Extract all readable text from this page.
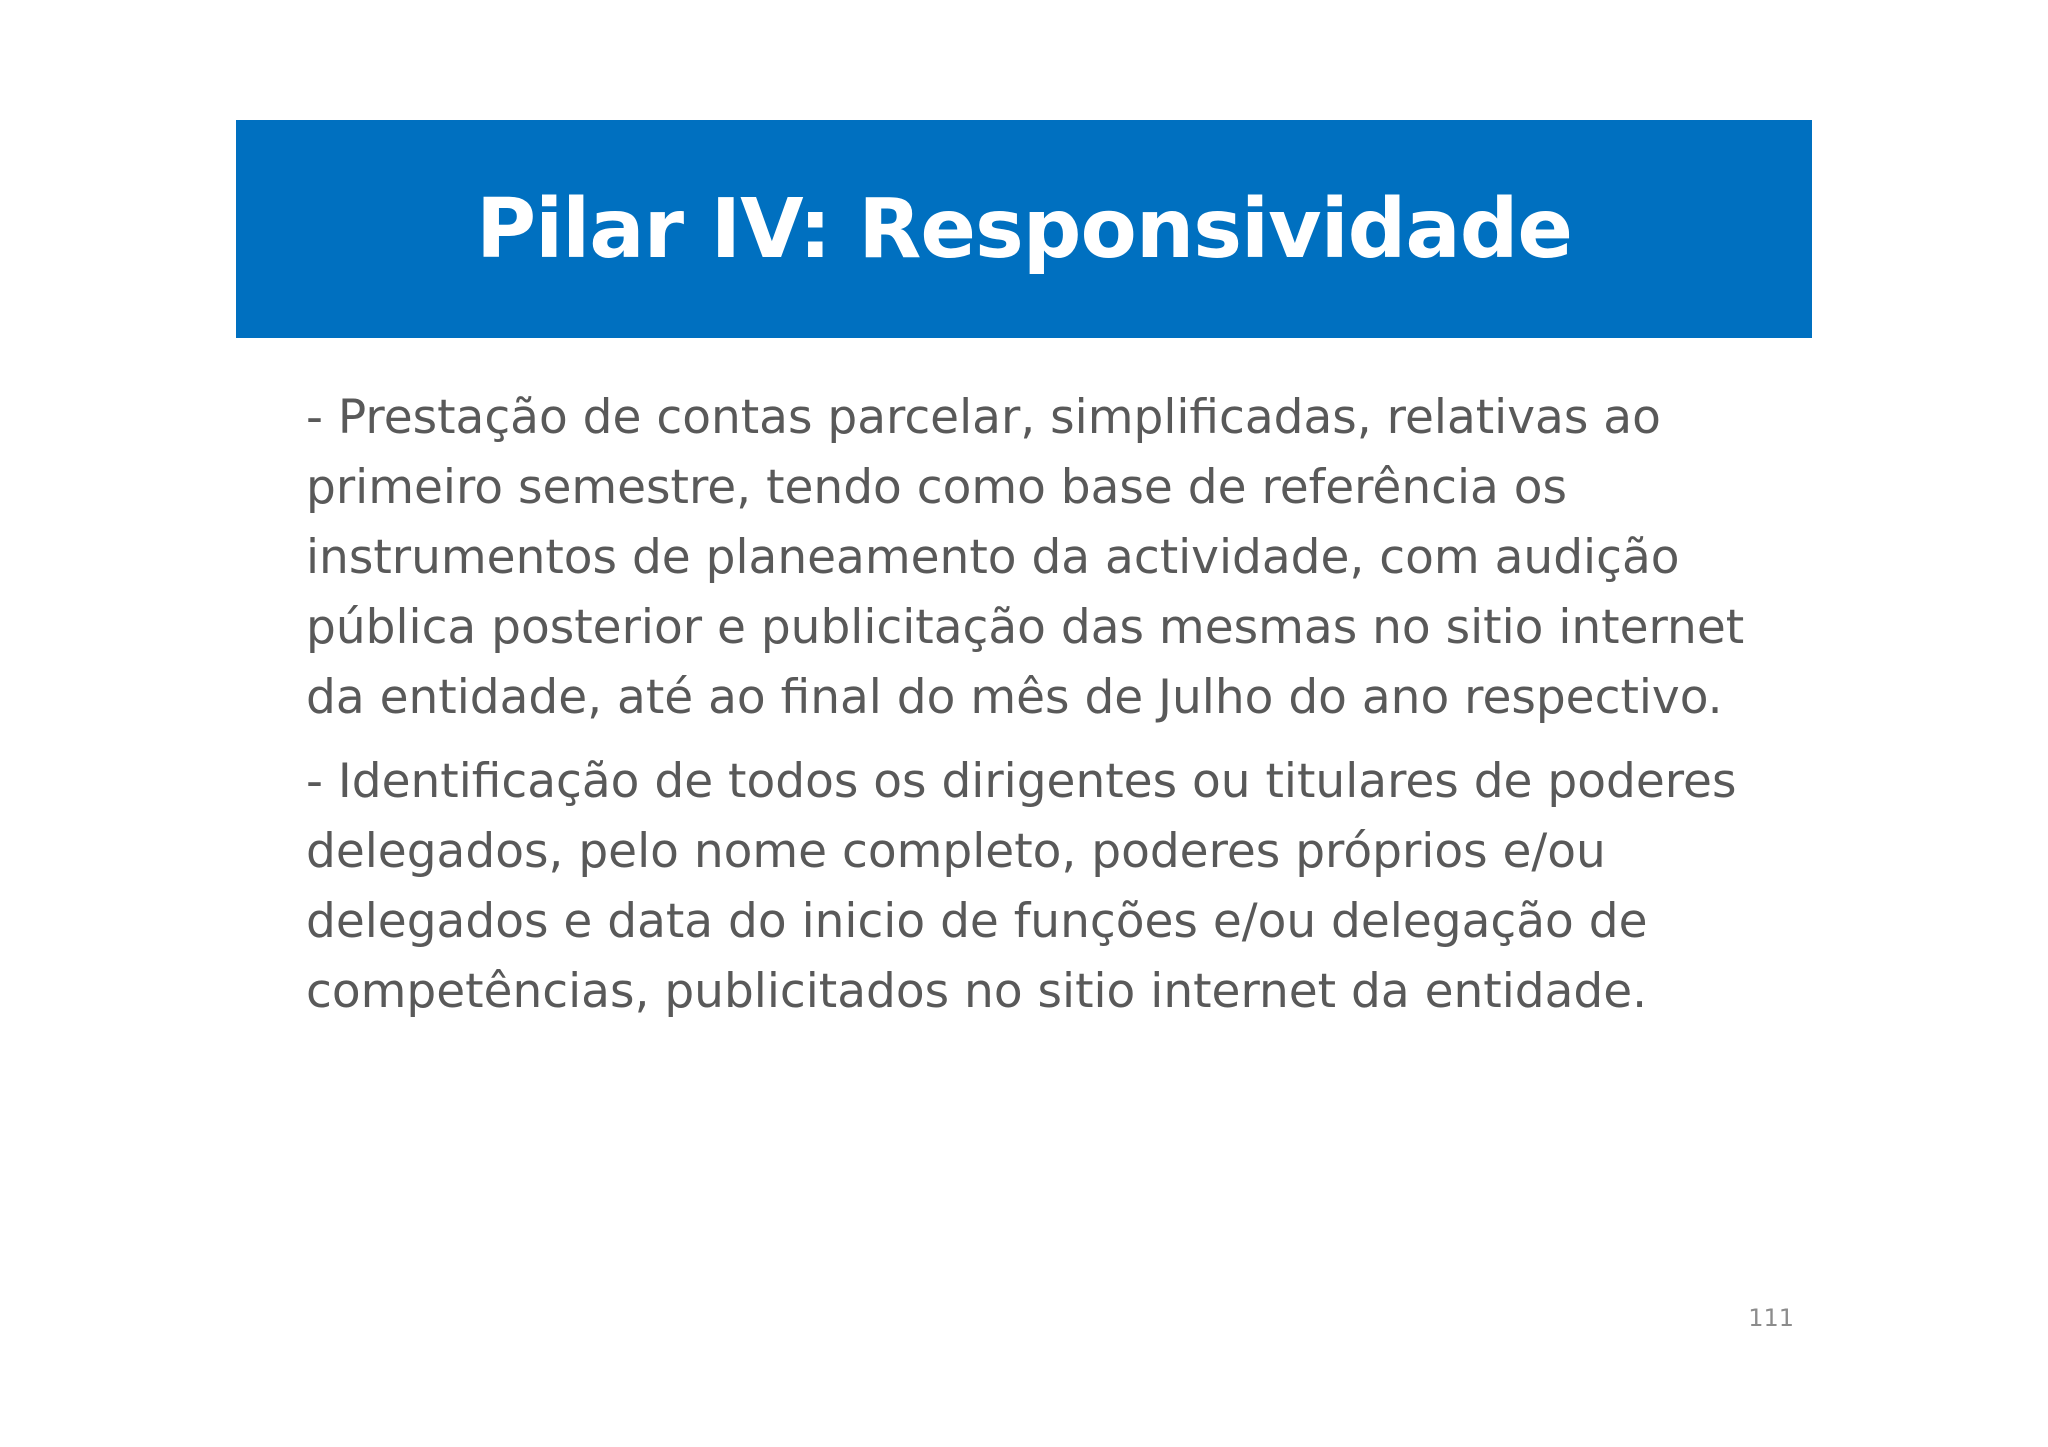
Pilar IV: Responsividade

- Prestação de contas parcelar, simplificadas, relativas ao primeiro semestre, tendo como base de referência os instrumentos de planeamento da actividade, com audição pública posterior e publicitação das mesmas no sitio internet da entidade, até ao final do mês de Julho do ano respectivo.

- Identificação de todos os dirigentes ou titulares de poderes delegados, pelo nome completo, poderes próprios e/ou delegados e data do inicio de funções e/ou delegação de competências, publicitados no sitio internet da entidade.

111
